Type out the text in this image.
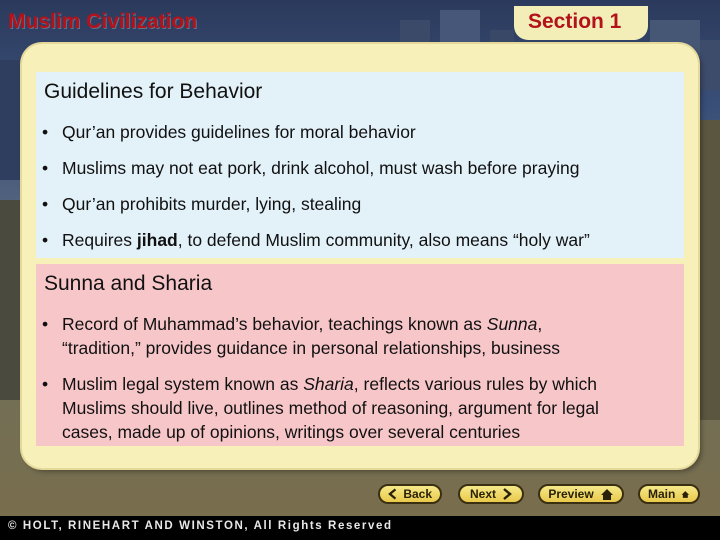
Muslim Civilization	Section 1
Guidelines for Behavior
• Qur’an provides guidelines for moral behavior
• Muslims may not eat pork, drink alcohol, must wash before praying
• Qur’an prohibits murder, lying, stealing
• Requires jihad, to defend Muslim community, also means “holy war”
Sunna and Sharia
• Record of Muhammad’s behavior, teachings known as Sunna,
“tradition,” provides guidance in personal relationships, business
• Muslim legal system known as Sharia, reflects various rules by which
Muslims should live, outlines method of reasoning, argument for legal
cases, made up of opinions, writings over several centuries
Back	Next	Preview	Main
© HOLT, RINEHART AND WINSTON, All Rights Reserved
